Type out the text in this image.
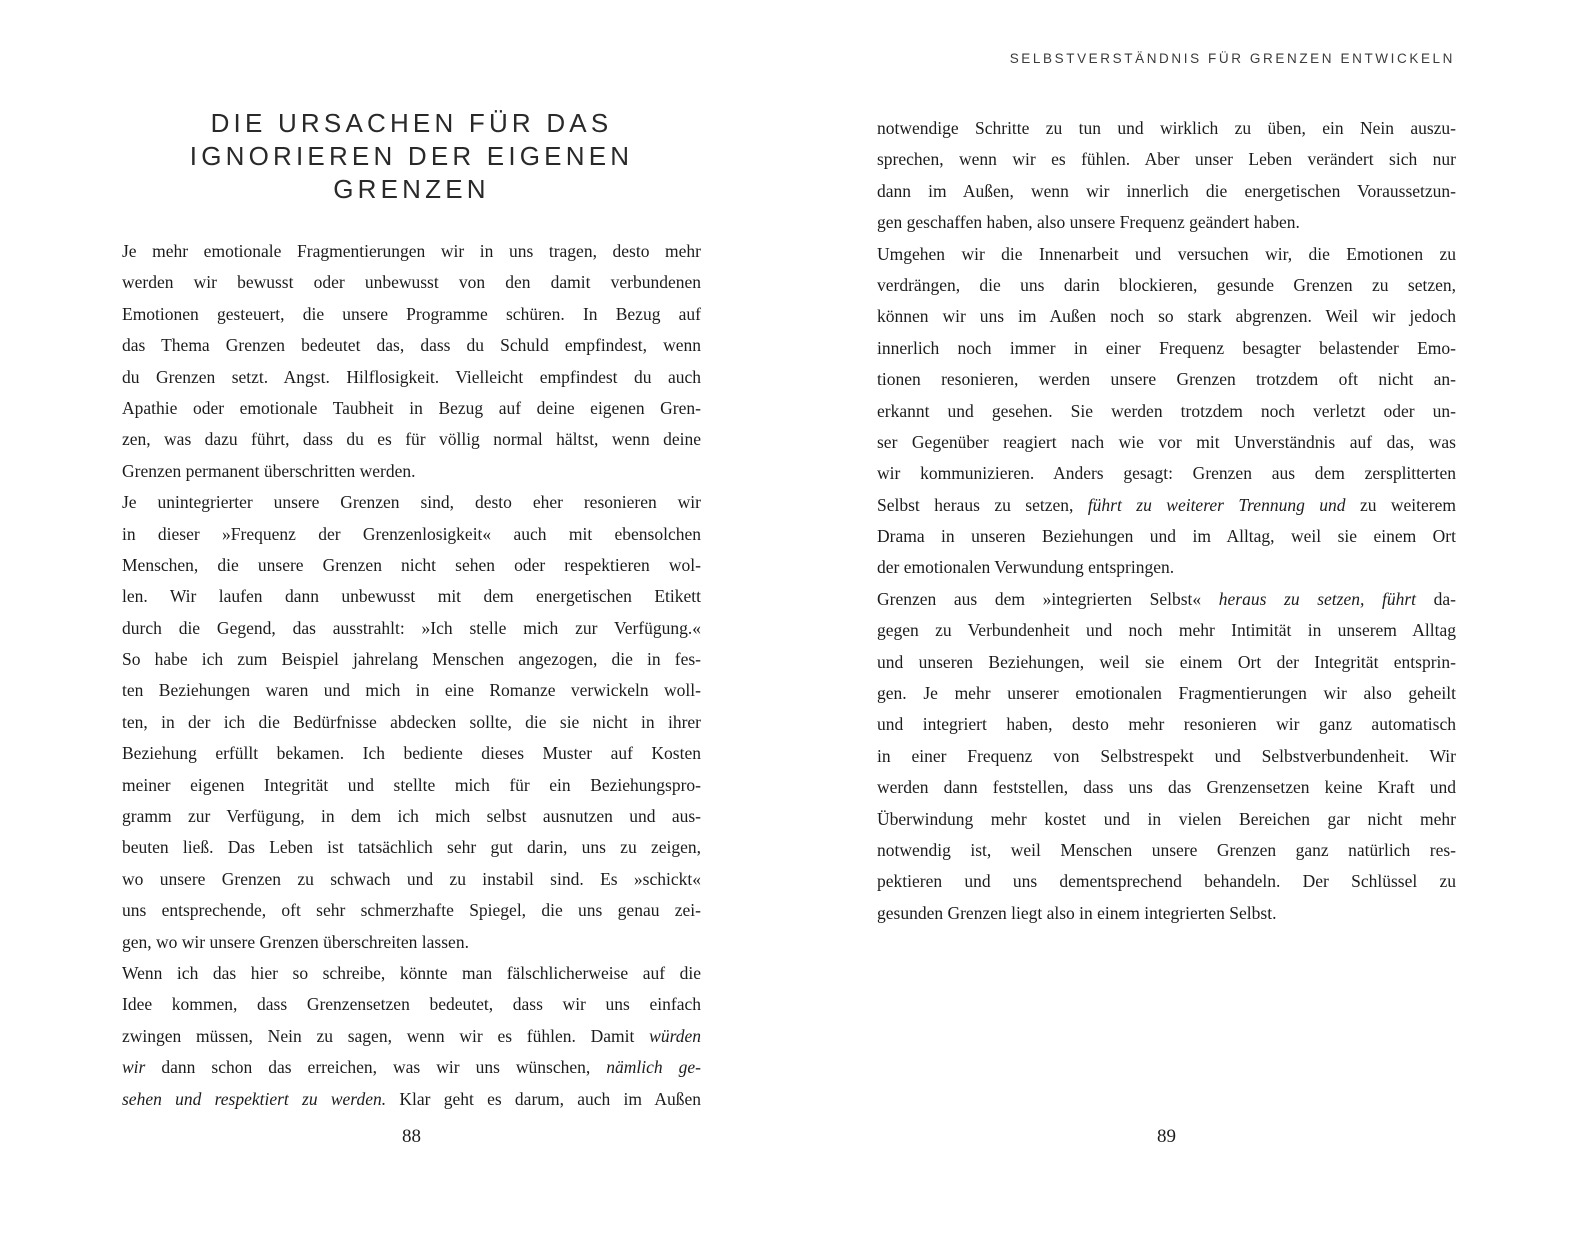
SELBSTVERSTÄNDNIS FÜR GRENZEN ENTWICKELN
DIE URSACHEN FÜR DAS
IGNORIEREN DER EIGENEN
GRENZEN
Je mehr emotionale Fragmentierungen wir in uns tragen, desto mehr
werden wir bewusst oder unbewusst von den damit verbundenen
Emotionen gesteuert, die unsere Programme schüren. In Bezug auf
das Thema Grenzen bedeutet das, dass du Schuld empfindest, wenn
du Grenzen setzt. Angst. Hilflosigkeit. Vielleicht empfindest du auch
Apathie oder emotionale Taubheit in Bezug auf deine eigenen Gren-
zen, was dazu führt, dass du es für völlig normal hältst, wenn deine
Grenzen permanent überschritten werden.
Je unintegrierter unsere Grenzen sind, desto eher resonieren wir
in dieser »Frequenz der Grenzenlosigkeit« auch mit ebensolchen
Menschen, die unsere Grenzen nicht sehen oder respektieren wol-
len. Wir laufen dann unbewusst mit dem energetischen Etikett
durch die Gegend, das ausstrahlt: »Ich stelle mich zur Verfügung.«
So habe ich zum Beispiel jahrelang Menschen angezogen, die in fes-
ten Beziehungen waren und mich in eine Romanze verwickeln woll-
ten, in der ich die Bedürfnisse abdecken sollte, die sie nicht in ihrer
Beziehung erfüllt bekamen. Ich bediente dieses Muster auf Kosten
meiner eigenen Integrität und stellte mich für ein Beziehungspro-
gramm zur Verfügung, in dem ich mich selbst ausnutzen und aus-
beuten ließ. Das Leben ist tatsächlich sehr gut darin, uns zu zeigen,
wo unsere Grenzen zu schwach und zu instabil sind. Es »schickt«
uns entsprechende, oft sehr schmerzhafte Spiegel, die uns genau zei-
gen, wo wir unsere Grenzen überschreiten lassen.
Wenn ich das hier so schreibe, könnte man fälschlicherweise auf die
Idee kommen, dass Grenzensetzen bedeutet, dass wir uns einfach
zwingen müssen, Nein zu sagen, wenn wir es fühlen. Damit würden
wir dann schon das erreichen, was wir uns wünschen, nämlich ge-
sehen und respektiert zu werden. Klar geht es darum, auch im Außen
notwendige Schritte zu tun und wirklich zu üben, ein Nein auszu-
sprechen, wenn wir es fühlen. Aber unser Leben verändert sich nur
dann im Außen, wenn wir innerlich die energetischen Voraussetzun-
gen geschaffen haben, also unsere Frequenz geändert haben.
Umgehen wir die Innenarbeit und versuchen wir, die Emotionen zu
verdrängen, die uns darin blockieren, gesunde Grenzen zu setzen,
können wir uns im Außen noch so stark abgrenzen. Weil wir jedoch
innerlich noch immer in einer Frequenz besagter belastender Emo-
tionen resonieren, werden unsere Grenzen trotzdem oft nicht an-
erkannt und gesehen. Sie werden trotzdem noch verletzt oder un-
ser Gegenüber reagiert nach wie vor mit Unverständnis auf das, was
wir kommunizieren. Anders gesagt: Grenzen aus dem zersplitterten
Selbst heraus zu setzen, führt zu weiterer Trennung und zu weiterem
Drama in unseren Beziehungen und im Alltag, weil sie einem Ort
der emotionalen Verwundung entspringen.
Grenzen aus dem »integrierten Selbst« heraus zu setzen, führt da-
gegen zu Verbundenheit und noch mehr Intimität in unserem Alltag
und unseren Beziehungen, weil sie einem Ort der Integrität entsprin-
gen. Je mehr unserer emotionalen Fragmentierungen wir also geheilt
und integriert haben, desto mehr resonieren wir ganz automatisch
in einer Frequenz von Selbstrespekt und Selbstverbundenheit. Wir
werden dann feststellen, dass uns das Grenzensetzen keine Kraft und
Überwindung mehr kostet und in vielen Bereichen gar nicht mehr
notwendig ist, weil Menschen unsere Grenzen ganz natürlich res-
pektieren und uns dementsprechend behandeln. Der Schlüssel zu
gesunden Grenzen liegt also in einem integrierten Selbst.
88	89
